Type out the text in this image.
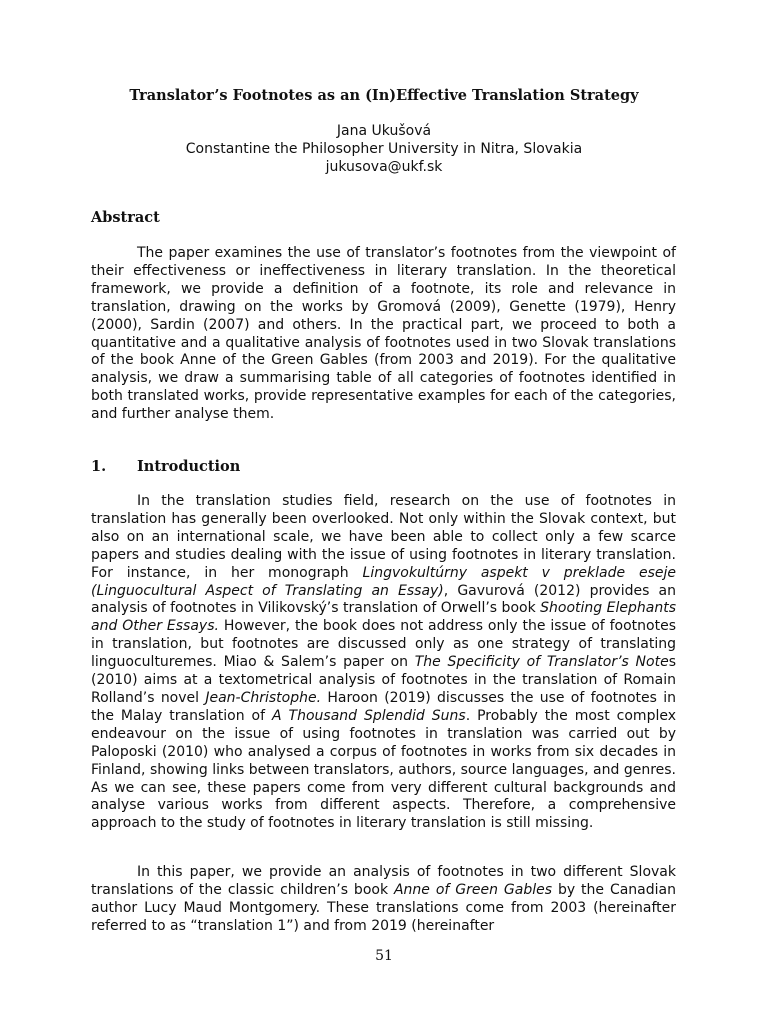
Translator’s Footnotes as an (In)Effective Translation Strategy
Jana Ukušová
Constantine the Philosopher University in Nitra, Slovakia
jukusova@ukf.sk
Abstract

The paper examines the use of translator’s footnotes from the viewpoint of their effectiveness or ineffectiveness in literary translation. In the theoretical framework, we provide a definition of a footnote, its role and relevance in translation, drawing on the works by Gromová (2009), Genette (1979), Henry (2000), Sardin (2007) and others. In the practical part, we proceed to both a quantitative and a qualitative analysis of footnotes used in two Slovak translations of the book Anne of the Green Gables (from 2003 and 2019). For the qualitative analysis, we draw a summarising table of all categories of footnotes identified in both translated works, provide representative examples for each of the categories, and further analyse them.

1. Introduction

In the translation studies field, research on the use of footnotes in translation has generally been overlooked. Not only within the Slovak context, but also on an international scale, we have been able to collect only a few scarce papers and studies dealing with the issue of using footnotes in literary translation. For instance, in her monograph Lingvokultúrny aspekt v preklade eseje (Linguocultural Aspect of Translating an Essay), Gavurová (2012) provides an analysis of footnotes in Vilikovský’s translation of Orwell’s book Shooting Elephants and Other Essays. However, the book does not address only the issue of footnotes in translation, but footnotes are discussed only as one strategy of translating linguoculturemes. Miao & Salem’s paper on The Specificity of Translator’s Notes (2010) aims at a textometrical analysis of footnotes in the translation of Romain Rolland’s novel Jean-Christophe. Haroon (2019) discusses the use of footnotes in the Malay translation of A Thousand Splendid Suns. Probably the most complex endeavour on the issue of using footnotes in translation was carried out by Paloposki (2010) who analysed a corpus of footnotes in works from six decades in Finland, showing links between translators, authors, source languages, and genres. As we can see, these papers come from very different cultural backgrounds and analyse various works from different aspects. Therefore, a comprehensive approach to the study of footnotes in literary translation is still missing.

In this paper, we provide an analysis of footnotes in two different Slovak translations of the classic children’s book Anne of Green Gables by the Canadian author Lucy Maud Montgomery. These translations come from 2003 (hereinafter referred to as “translation 1”) and from 2019 (hereinafter

51
